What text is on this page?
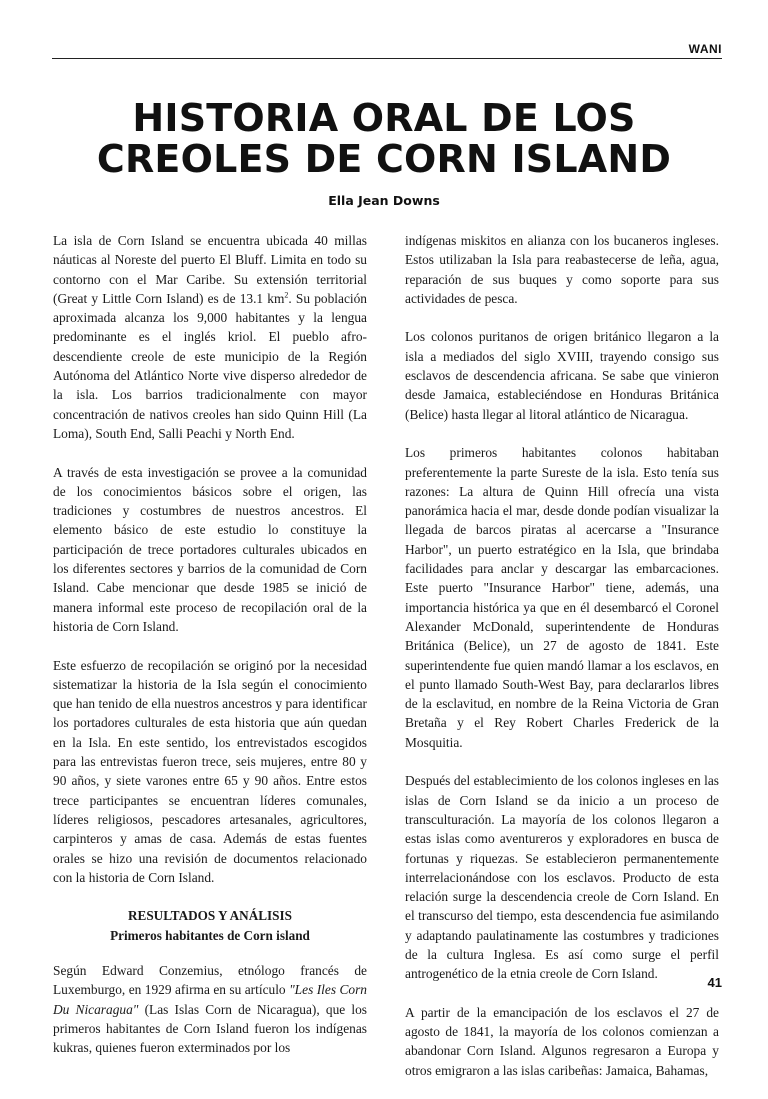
WANI
HISTORIA ORAL DE LOS
CREOLES DE CORN ISLAND
Ella Jean Downs

La isla de Corn Island se encuentra ubicada 40 millas náuticas al Noreste del puerto El Bluff. Limita en todo su contorno con el Mar Caribe. Su extensión territorial (Great y Little Corn Island) es de 13.1 $km^2$. Su población aproximada alcanza los 9,000 habitantes y la lengua predominante es el inglés kriol. El pueblo afro-descendiente creole de este municipio de la Región Autónoma del Atlántico Norte vive disperso alrededor de la isla. Los barrios tradicionalmente con mayor concentración de nativos creoles han sido Quinn Hill (La Loma), South End, Salli Peachi y North End.

A través de esta investigación se provee a la comunidad de los conocimientos básicos sobre el origen, las tradiciones y costumbres de nuestros ancestros. El elemento básico de este estudio lo constituye la participación de trece portadores culturales ubicados en los diferentes sectores y barrios de la comunidad de Corn Island. Cabe mencionar que desde 1985 se inició de manera informal este proceso de recopilación oral de la historia de Corn Island.

Este esfuerzo de recopilación se originó por la necesidad sistematizar la historia de la Isla según el conocimiento que han tenido de ella nuestros ancestros y para identificar los portadores culturales de esta historia que aún quedan en la Isla. En este sentido, los entrevistados escogidos para las entrevistas fueron trece, seis mujeres, entre 80 y 90 años, y siete varones entre 65 y 90 años. Entre estos trece participantes se encuentran líderes comunales, líderes religiosos, pescadores artesanales, agricultores, carpinteros y amas de casa. Además de estas fuentes orales se hizo una revisión de documentos relacionado con la historia de Corn Island.

RESULTADOS Y ANÁLISIS
Primeros habitantes de Corn island

Según Edward Conzemius, etnólogo francés de Luxemburgo, en 1929 afirma en su artículo "Les Iles Corn Du Nicaragua" (Las Islas Corn de Nicaragua), que los primeros habitantes de Corn Island fueron los indígenas kukras, quienes fueron exterminados por los

indígenas miskitos en alianza con los bucaneros ingleses. Estos utilizaban la Isla para reabastecerse de leña, agua, reparación de sus buques y como soporte para sus actividades de pesca.

Los colonos puritanos de origen británico llegaron a la isla a mediados del siglo XVIII, trayendo consigo sus esclavos de descendencia africana. Se sabe que vinieron desde Jamaica, estableciéndose en Honduras Británica (Belice) hasta llegar al litoral atlántico de Nicaragua.

Los primeros habitantes colonos habitaban preferentemente la parte Sureste de la isla. Esto tenía sus razones: La altura de Quinn Hill ofrecía una vista panorámica hacia el mar, desde donde podían visualizar la llegada de barcos piratas al acercarse a "Insurance Harbor", un puerto estratégico en la Isla, que brindaba facilidades para anclar y descargar las embarcaciones. Este puerto "Insurance Harbor" tiene, además, una importancia histórica ya que en él desembarcó el Coronel Alexander McDonald, superintendente de Honduras Británica (Belice), un 27 de agosto de 1841. Este superintendente fue quien mandó llamar a los esclavos, en el punto llamado South-West Bay, para declararlos libres de la esclavitud, en nombre de la Reina Victoria de Gran Bretaña y el Rey Robert Charles Frederick de la Mosquitia.

Después del establecimiento de los colonos ingleses en las islas de Corn Island se da inicio a un proceso de transculturación. La mayoría de los colonos llegaron a estas islas como aventureros y exploradores en busca de fortunas y riquezas. Se establecieron permanentemente interrelacionándose con los esclavos. Producto de esta relación surge la descendencia creole de Corn Island. En el transcurso del tiempo, esta descendencia fue asimilando y adaptando paulatinamente las costumbres y tradiciones de la cultura Inglesa. Es así como surge el perfil antrogenético de la etnia creole de Corn Island.

A partir de la emancipación de los esclavos el 27 de agosto de 1841, la mayoría de los colonos comienzan a abandonar Corn Island. Algunos regresaron a Europa y otros emigraron a las islas caribeñas: Jamaica, Bahamas,

41
